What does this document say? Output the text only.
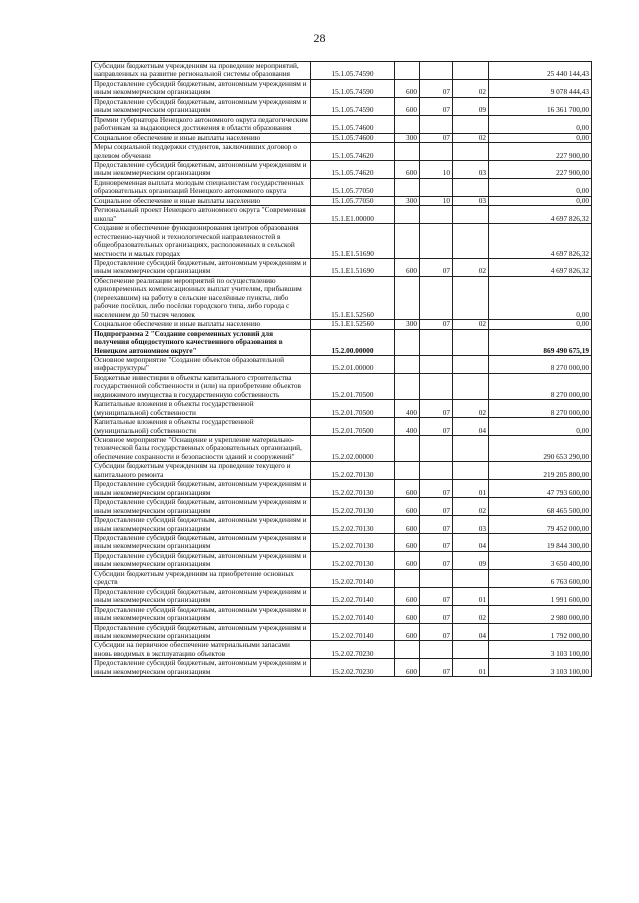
28
Субсидии бюджетным учреждениям на проведение мероприятий, направленных на развитие региональной системы образования	15.1.05.74590				25 440 144,43
Предоставление субсидий бюджетным, автономным учреждениям и иным некоммерческим организациям	15.1.05.74590	600	07	02	9 078 444,43
Предоставление субсидий бюджетным, автономным учреждениям и иным некоммерческим организациям	15.1.05.74590	600	07	09	16 361 700,00
Премии губернатора Ненецкого автономного округа педагогическим работникам за выдающиеся достижения в области образования	15.1.05.74600				0,00
Социальное обеспечение и иные выплаты населению	15.1.05.74600	300	07	02	0,00
Меры социальной поддержки студентов, заключивших договор о целевом обучении	15.1.05.74620				227 900,00
Предоставление субсидий бюджетным, автономным учреждениям и иным некоммерческим организациям	15.1.05.74620	600	10	03	227 900,00
Единовременная выплата молодым специалистам государственных образовательных организаций Ненецкого автономного округа	15.1.05.77050				0,00
Социальное обеспечение и иные выплаты населению	15.1.05.77050	300	10	03	0,00
Региональный проект Ненецкого автономного округа "Современная школа"	15.1.E1.00000				4 697 826,32
Создание и обеспечение функционирования центров образования естественно-научной и технологической направленностей в общеобразовательных организациях, расположенных в сельской местности и малых городах	15.1.E1.51690				4 697 826,32
Предоставление субсидий бюджетным, автономным учреждениям и иным некоммерческим организациям	15.1.E1.51690	600	07	02	4 697 826,32
Обеспечение реализации мероприятий по осуществлению единовременных компенсационных выплат учителям, прибывшим (переехавшим) на работу в сельские населённые пункты, либо рабочие посёлки, либо посёлки городского типа, либо города с населением до 50 тысяч человек	15.1.E1.52560				0,00
Социальное обеспечение и иные выплаты населению	15.1.E1.52560	300	07	02	0,00
Подпрограмма 2 "Создание современных условий для получения общедоступного качественного образования в Ненецком автономном округе"	15.2.00.00000				869 490 675,19
Основное мероприятие "Создание объектов образовательной инфраструктуры"	15.2.01.00000				8 270 000,00
Бюджетные инвестиции в объекты капитального строительства государственной собственности и (или) на приобретение объектов недвижимого имущества в государственную собственность	15.2.01.70500				8 270 000,00
Капитальные вложения в объекты государственной (муниципальной) собственности	15.2.01.70500	400	07	02	8 270 000,00
Капитальные вложения в объекты государственной (муниципальной) собственности	15.2.01.70500	400	07	04	0,00
Основное мероприятие "Оснащение и укрепление материально-технической базы государственных образовательных организаций, обеспечение сохранности и безопасности зданий и сооружений"	15.2.02.00000				290 653 290,00
Субсидии бюджетным учреждениям на проведение текущего и капитального ремонта	15.2.02.70130				219 205 800,00
Предоставление субсидий бюджетным, автономным учреждениям и иным некоммерческим организациям	15.2.02.70130	600	07	01	47 793 600,00
Предоставление субсидий бюджетным, автономным учреждениям и иным некоммерческим организациям	15.2.02.70130	600	07	02	68 465 500,00
Предоставление субсидий бюджетным, автономным учреждениям и иным некоммерческим организациям	15.2.02.70130	600	07	03	79 452 000,00
Предоставление субсидий бюджетным, автономным учреждениям и иным некоммерческим организациям	15.2.02.70130	600	07	04	19 844 300,00
Предоставление субсидий бюджетным, автономным учреждениям и иным некоммерческим организациям	15.2.02.70130	600	07	09	3 650 400,00
Субсидии бюджетным учреждениям на приобретение основных средств	15.2.02.70140				6 763 600,00
Предоставление субсидий бюджетным, автономным учреждениям и иным некоммерческим организациям	15.2.02.70140	600	07	01	1 991 600,00
Предоставление субсидий бюджетным, автономным учреждениям и иным некоммерческим организациям	15.2.02.70140	600	07	02	2 980 000,00
Предоставление субсидий бюджетным, автономным учреждениям и иным некоммерческим организациям	15.2.02.70140	600	07	04	1 792 000,00
Субсидии на первичное обеспечение материальными запасами вновь вводимых в эксплуатацию объектов	15.2.02.70230				3 103 100,00
Предоставление субсидий бюджетным, автономным учреждениям и иным некоммерческим организациям	15.2.02.70230	600	07	01	3 103 100,00
